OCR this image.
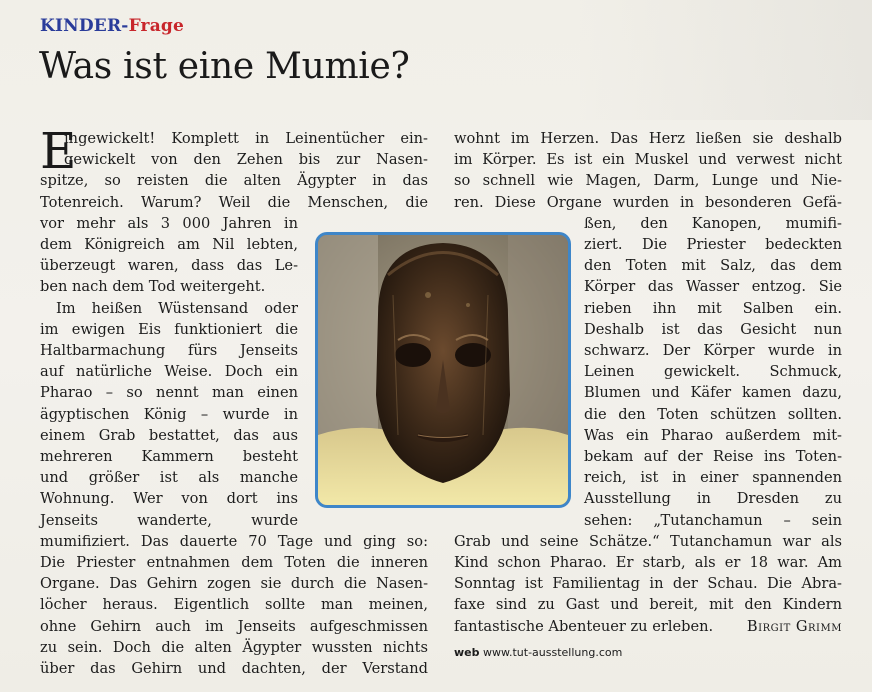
KINDER-Frage
Was ist eine Mumie?
E
ingewickelt! Komplett in Leinentücher ein-
gewickelt von den Zehen bis zur Nasen-
spitze, so reisten die alten Ägypter in das
Totenreich. Warum? Weil die Menschen, die
vor mehr als 3 000 Jahren in
dem Königreich am Nil lebten,
überzeugt waren, dass das Le-
ben nach dem Tod weitergeht.
Im heißen Wüstensand oder
im ewigen Eis funktioniert die
Haltbarmachung fürs Jenseits
auf natürliche Weise. Doch ein
Pharao – so nennt man einen
ägyptischen König – wurde in
einem Grab bestattet, das aus
mehreren Kammern besteht
und größer ist als manche
Wohnung. Wer von dort ins
Jenseits wanderte, wurde
mumifiziert. Das dauerte 70 Tage und ging so:
Die Priester entnahmen dem Toten die inneren
Organe. Das Gehirn zogen sie durch die Nasen-
löcher heraus. Eigentlich sollte man meinen,
ohne Gehirn auch im Jenseits aufgeschmissen
zu sein. Doch die alten Ägypter wussten nichts
über das Gehirn und dachten, der Verstand
wohnt im Herzen. Das Herz ließen sie deshalb
im Körper. Es ist ein Muskel und verwest nicht
so schnell wie Magen, Darm, Lunge und Nie-
ren. Diese Organe wurden in besonderen Gefä-
ßen, den Kanopen, mumifi-
ziert. Die Priester bedeckten
den Toten mit Salz, das dem
Körper das Wasser entzog. Sie
rieben ihn mit Salben ein.
Deshalb ist das Gesicht nun
schwarz. Der Körper wurde in
Leinen gewickelt. Schmuck,
Blumen und Käfer kamen dazu,
die den Toten schützen sollten.
Was ein Pharao außerdem mit-
bekam auf der Reise ins Toten-
reich, ist in einer spannenden
Ausstellung in Dresden zu
sehen: „Tutanchamun – sein
Grab und seine Schätze.“ Tutanchamun war als
Kind schon Pharao. Er starb, als er 18 war. Am
Sonntag ist Familientag in der Schau. Die Abra-
faxe sind zu Gast und bereit, mit den Kindern
fantastische Abenteuer zu erleben. Birgit Grimm
web www.tut-ausstellung.com
